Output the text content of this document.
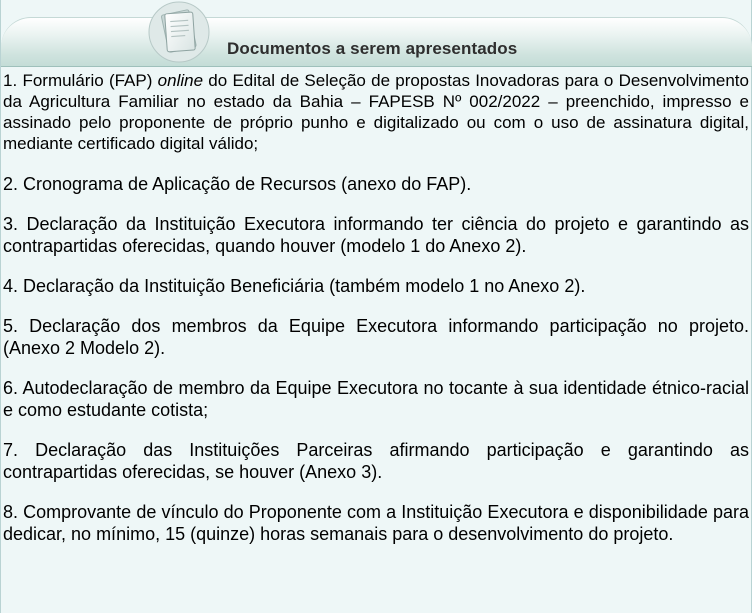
Documentos a serem apresentados

1. Formulário (FAP) online do Edital de Seleção de propostas Inovadoras para o Desenvolvimento da Agricultura Familiar no estado da Bahia – FAPESB Nº 002/2022 – preenchido, impresso e assinado pelo proponente de próprio punho e digitalizado ou com o uso de assinatura digital, mediante certificado digital válido;

2. Cronograma de Aplicação de Recursos (anexo do FAP).

3. Declaração da Instituição Executora informando ter ciência do projeto e garantindo as contrapartidas oferecidas, quando houver (modelo 1 do Anexo 2).

4. Declaração da Instituição Beneficiária (também modelo 1 no Anexo 2).

5. Declaração dos membros da Equipe Executora informando participação no projeto. (Anexo 2 Modelo 2).

6. Autodeclaração de membro da Equipe Executora no tocante à sua identidade étnico-racial e como estudante cotista;

7. Declaração das Instituições Parceiras afirmando participação e garantindo as contrapartidas oferecidas, se houver (Anexo 3).

8. Comprovante de vínculo do Proponente com a Instituição Executora e disponibilidade para dedicar, no mínimo, 15 (quinze) horas semanais para o desenvolvimento do projeto.
